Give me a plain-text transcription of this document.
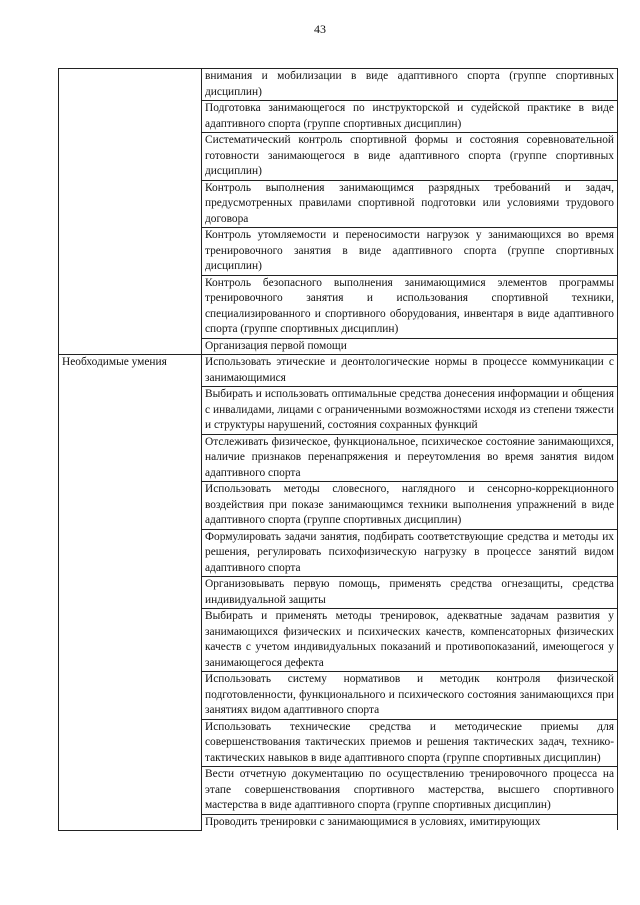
43
	внимания и мобилизации в виде адаптивного спорта (группе спортивных дисциплин)
	Подготовка занимающегося по инструкторской и судейской практике в виде адаптивного спорта (группе спортивных дисциплин)
	Систематический контроль спортивной формы и состояния соревновательной готовности занимающегося в виде адаптивного спорта (группе спортивных дисциплин)
	Контроль выполнения занимающимся разрядных требований и задач, предусмотренных правилами спортивной подготовки или условиями трудового договора
	Контроль утомляемости и переносимости нагрузок у занимающихся во время тренировочного занятия в виде адаптивного спорта (группе спортивных дисциплин)
	Контроль безопасного выполнения занимающимися элементов программы тренировочного занятия и использования спортивной техники, специализированного и спортивного оборудования, инвентаря в виде адаптивного спорта (группе спортивных дисциплин)
	Организация первой помощи
Необходимые умения	Использовать этические и деонтологические нормы в процессе коммуникации с занимающимися
	Выбирать и использовать оптимальные средства донесения информации и общения с инвалидами, лицами с ограниченными возможностями исходя из степени тяжести и структуры нарушений, состояния сохранных функций
	Отслеживать физическое, функциональное, психическое состояние занимающихся, наличие признаков перенапряжения и переутомления во время занятия видом адаптивного спорта
	Использовать методы словесного, наглядного и сенсорно-коррекционного воздействия при показе занимающимся техники выполнения упражнений в виде адаптивного спорта (группе спортивных дисциплин)
	Формулировать задачи занятия, подбирать соответствующие средства и методы их решения, регулировать психофизическую нагрузку в процессе занятий видом адаптивного спорта
	Организовывать первую помощь, применять средства огнезащиты, средства индивидуальной защиты
	Выбирать и применять методы тренировок, адекватные задачам развития у занимающихся физических и психических качеств, компенсаторных физических качеств с учетом индивидуальных показаний и противопоказаний, имеющегося у занимающегося дефекта
	Использовать систему нормативов и методик контроля физической подготовленности, функционального и психического состояния занимающихся при занятиях видом адаптивного спорта
	Использовать технические средства и методические приемы для совершенствования тактических приемов и решения тактических задач, технико-тактических навыков в виде адаптивного спорта (группе спортивных дисциплин)
	Вести отчетную документацию по осуществлению тренировочного процесса на этапе совершенствования спортивного мастерства, высшего спортивного мастерства в виде адаптивного спорта (группе спортивных дисциплин)
	Проводить тренировки с занимающимися в условиях, имитирующих
